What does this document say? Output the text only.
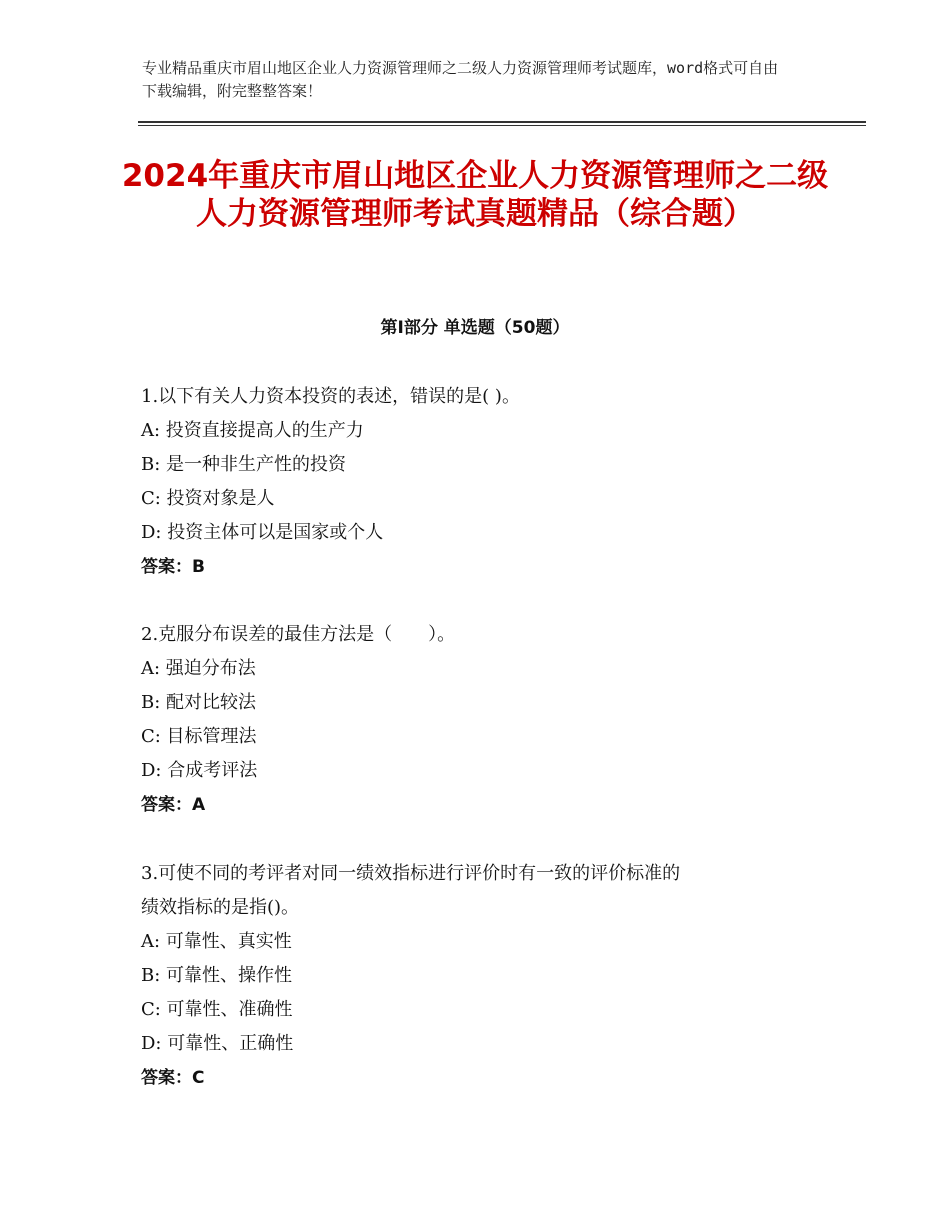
专业精品重庆市眉山地区企业人力资源管理师之二级人力资源管理师考试题库，word格式可自由下载编辑，附完整整答案！
2024年重庆市眉山地区企业人力资源管理师之二级人力资源管理师考试真题精品（综合题）
第Ⅰ部分 单选题（50题）
1.以下有关人力资本投资的表述，错误的是( )。
A: 投资直接提高人的生产力
B: 是一种非生产性的投资
C: 投资对象是人
D: 投资主体可以是国家或个人
答案：B
2.克服分布误差的最佳方法是（　　）。
A: 强迫分布法
B: 配对比较法
C: 目标管理法
D: 合成考评法
答案：A
3.可使不同的考评者对同一绩效指标进行评价时有一致的评价标准的
绩效指标的是指()。
A: 可靠性、真实性
B: 可靠性、操作性
C: 可靠性、准确性
D: 可靠性、正确性
答案：C
